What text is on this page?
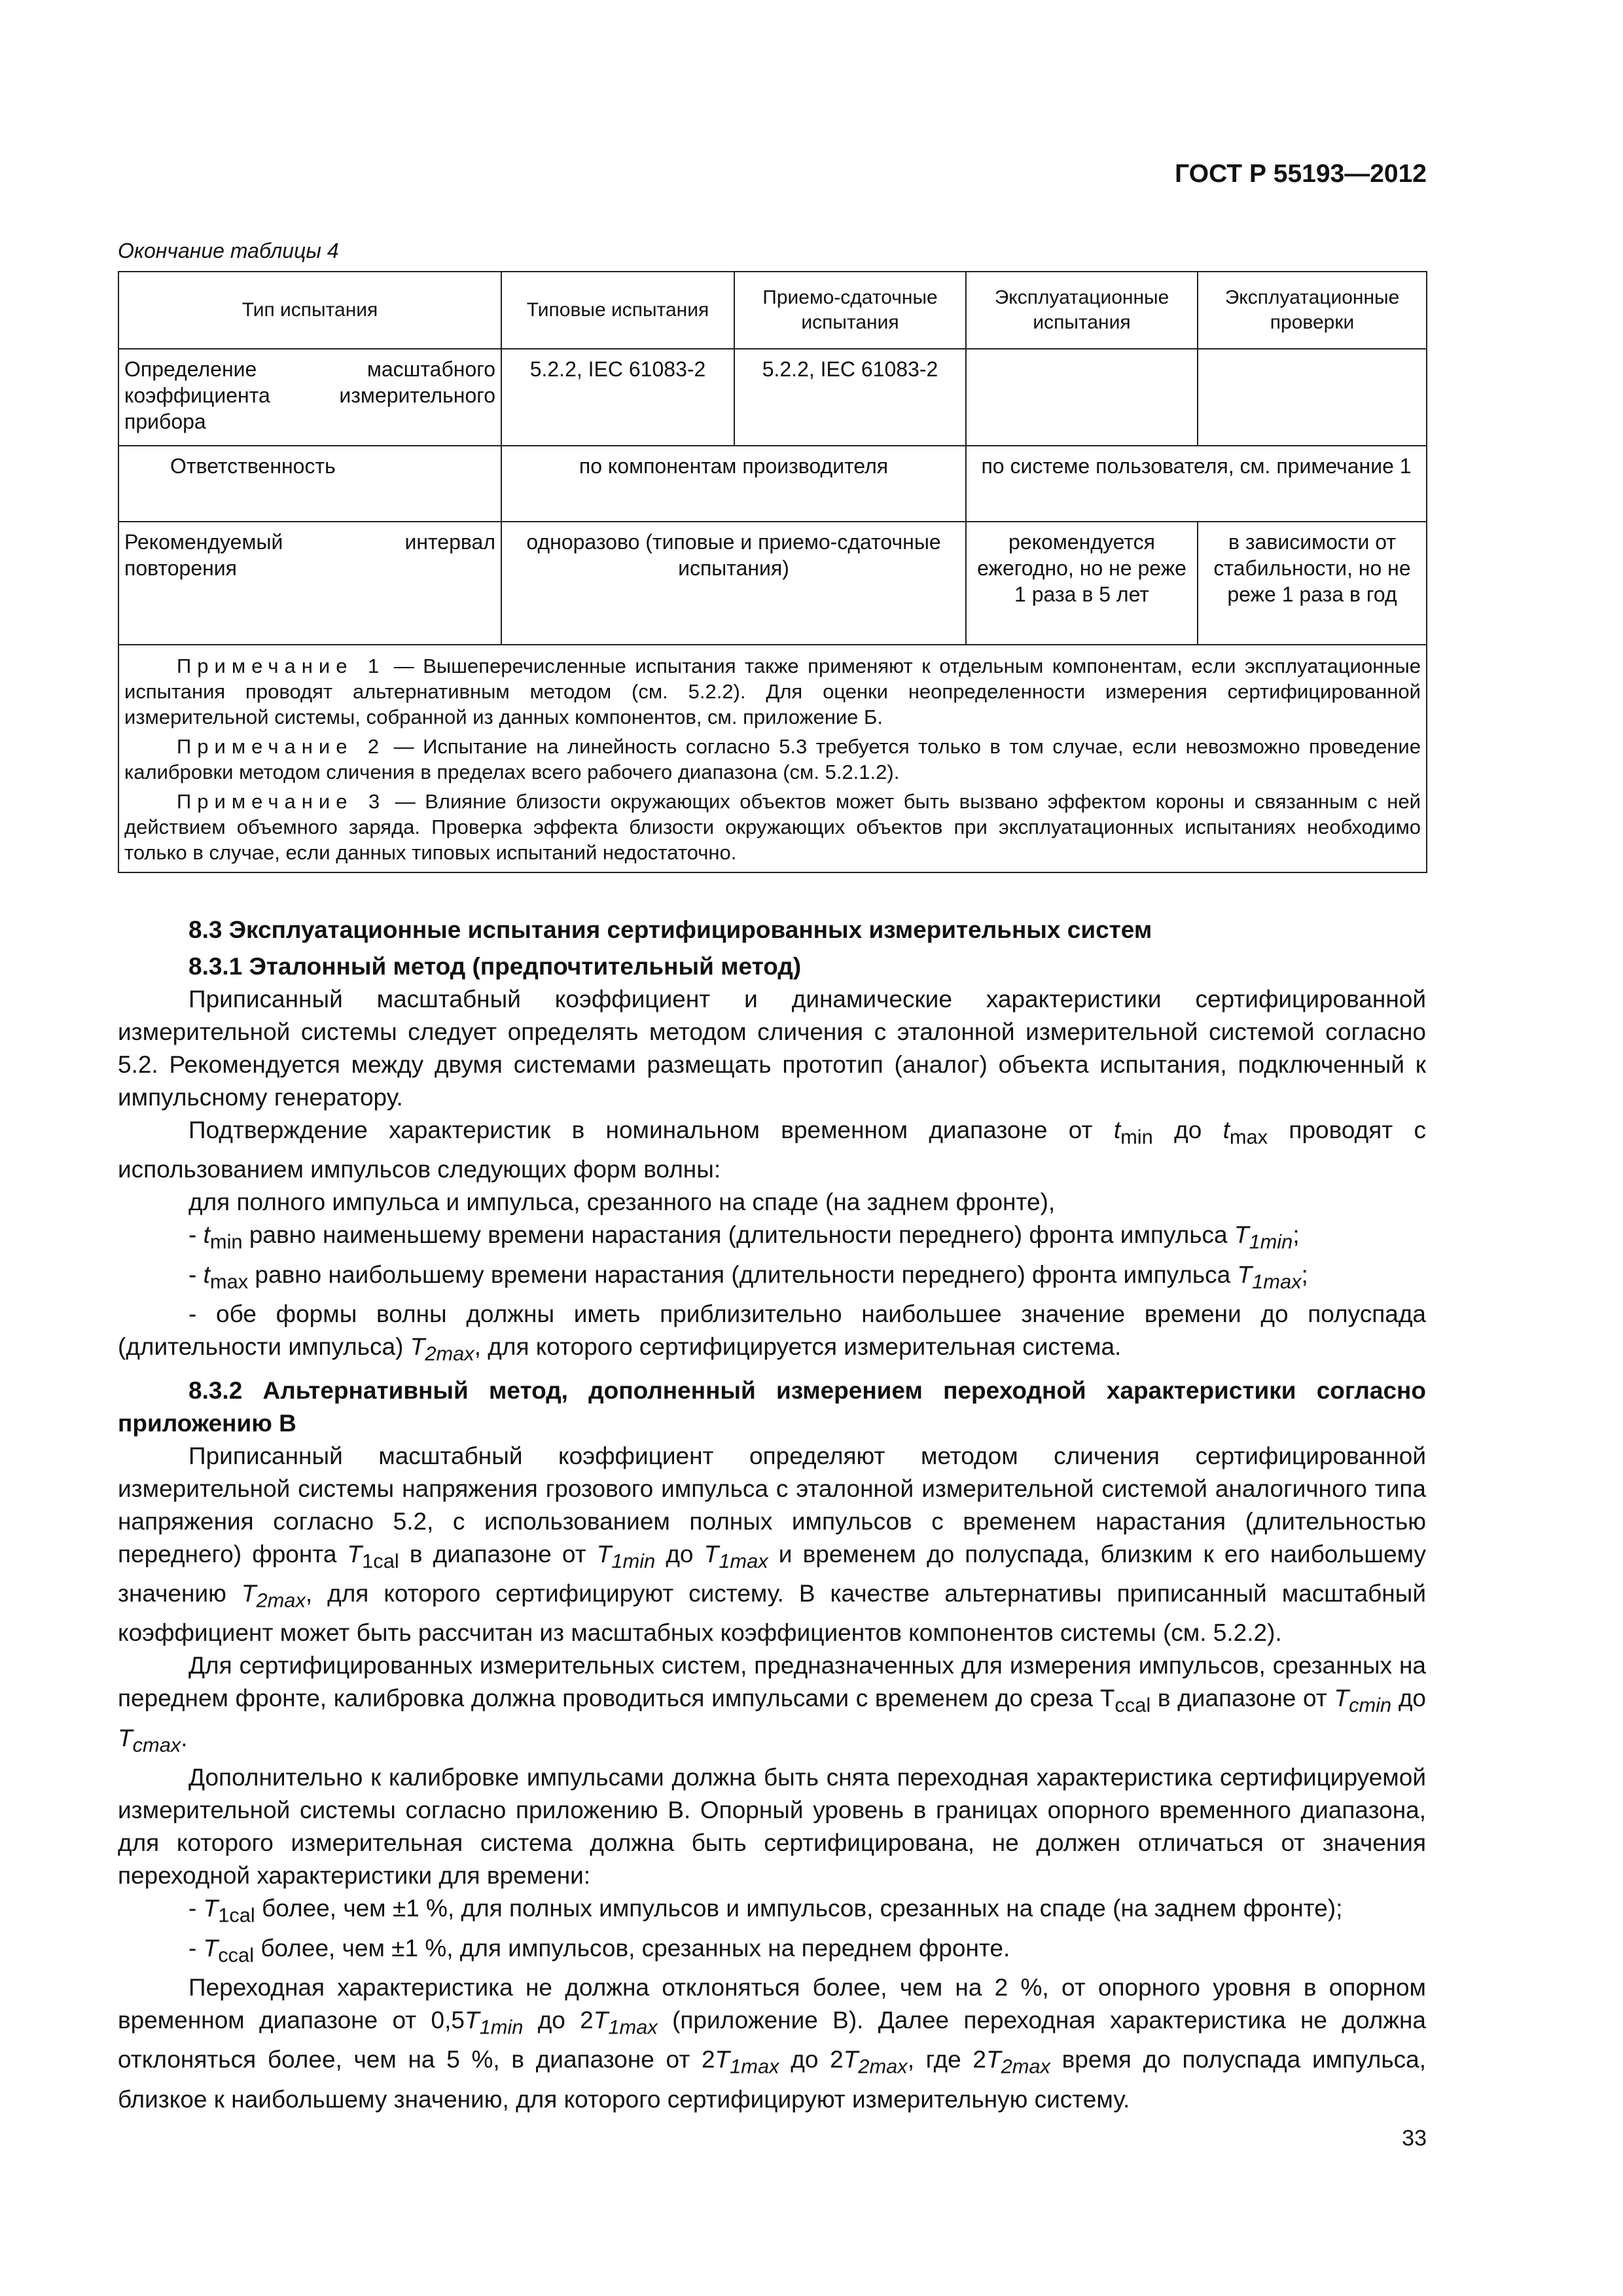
ГОСТ Р 55193—2012
Окончание таблицы 4
Тип испытания	Типовые испытания	Приемо-сдаточные испытания	Эксплуатационные испытания	Эксплуатационные проверки
Определение масштабного коэффициента измерительного прибора	5.2.2, IEC 61083-2	5.2.2, IEC 61083-2		
Ответственность	по компонентам производителя		по системе пользователя, см. примечание 1	
Рекомендуемый интервал повторения	одноразово (типовые и приемо-сдаточные испытания)		рекомендуется ежегодно, но не реже 1 раза в 5 лет	в зависимости от стабильности, но не реже 1 раза в год

Примечание 1 — Вышеперечисленные испытания также применяют к отдельным компонентам, если эксплуатационные испытания проводят альтернативным методом (см. 5.2.2). Для оценки неопределенности измерения сертифицированной измерительной системы, собранной из данных компонентов, см. приложение Б.

Примечание 2 — Испытание на линейность согласно 5.3 требуется только в том случае, если невозможно проведение калибровки методом сличения в пределах всего рабочего диапазона (см. 5.2.1.2).

Примечание 3 — Влияние близости окружающих объектов может быть вызвано эффектом короны и связанным с ней действием объемного заряда. Проверка эффекта близости окружающих объектов при эксплуатационных испытаниях необходимо только в случае, если данных типовых испытаний недостаточно.				

8.3 Эксплуатационные испытания сертифицированных измерительных систем

8.3.1 Эталонный метод (предпочтительный метод)

Приписанный масштабный коэффициент и динамические характеристики сертифицированной измерительной системы следует определять методом сличения с эталонной измерительной системой согласно 5.2. Рекомендуется между двумя системами размещать прототип (аналог) объекта испытания, подключенный к импульсному генератору.

Подтверждение характеристик в номинальном временном диапазоне от $t_{min}$ до $t_{max}$ проводят с использованием импульсов следующих форм волны:

для полного импульса и импульса, срезанного на спаде (на заднем фронте),

- $t_{min}$ равно наименьшему времени нарастания (длительности переднего) фронта импульса $T_{1min}$;

- $t_{max}$ равно наибольшему времени нарастания (длительности переднего) фронта импульса $T_{1max}$;

- обе формы волны должны иметь приблизительно наибольшее значение времени до полуспада (длительности импульса) $T_{2max}$, для которого сертифицируется измерительная система.

8.3.2 Альтернативный метод, дополненный измерением переходной характеристики согласно приложению В

Приписанный масштабный коэффициент определяют методом сличения сертифицированной измерительной системы напряжения грозового импульса с эталонной измерительной системой аналогичного типа напряжения согласно 5.2, с использованием полных импульсов с временем нарастания (длительностью переднего) фронта $T_{1cal}$ в диапазоне от $T_{1min}$ до $T_{1max}$ и временем до полуспада, близким к его наибольшему значению $T_{2max}$, для которого сертифицируют систему. В качестве альтернативы приписанный масштабный коэффициент может быть рассчитан из масштабных коэффициентов компонентов системы (см. 5.2.2).

Для сертифицированных измерительных систем, предназначенных для измерения импульсов, срезанных на переднем фронте, калибровка должна проводиться импульсами с временем до среза $T_{ccal}$ в диапазоне от $T_{cmin}$ до $T_{cmax}$.

Дополнительно к калибровке импульсами должна быть снята переходная характеристика сертифицируемой измерительной системы согласно приложению В. Опорный уровень в границах опорного временного диапазона, для которого измерительная система должна быть сертифицирована, не должен отличаться от значения переходной характеристики для времени:

- $T_{1cal}$ более, чем ±1 %, для полных импульсов и импульсов, срезанных на спаде (на заднем фронте);

- $T_{ccal}$ более, чем ±1 %, для импульсов, срезанных на переднем фронте.

Переходная характеристика не должна отклоняться более, чем на 2 %, от опорного уровня в опорном временном диапазоне от $0,5T_{1min}$ до $2T_{1max}$ (приложение В). Далее переходная характеристика не должна отклоняться более, чем на 5 %, в диапазоне от $2T_{1max}$ до $2T_{2max}$, где $2T_{2max}$ время до полуспада импульса, близкое к наибольшему значению, для которого сертифицируют измерительную систему.

33
